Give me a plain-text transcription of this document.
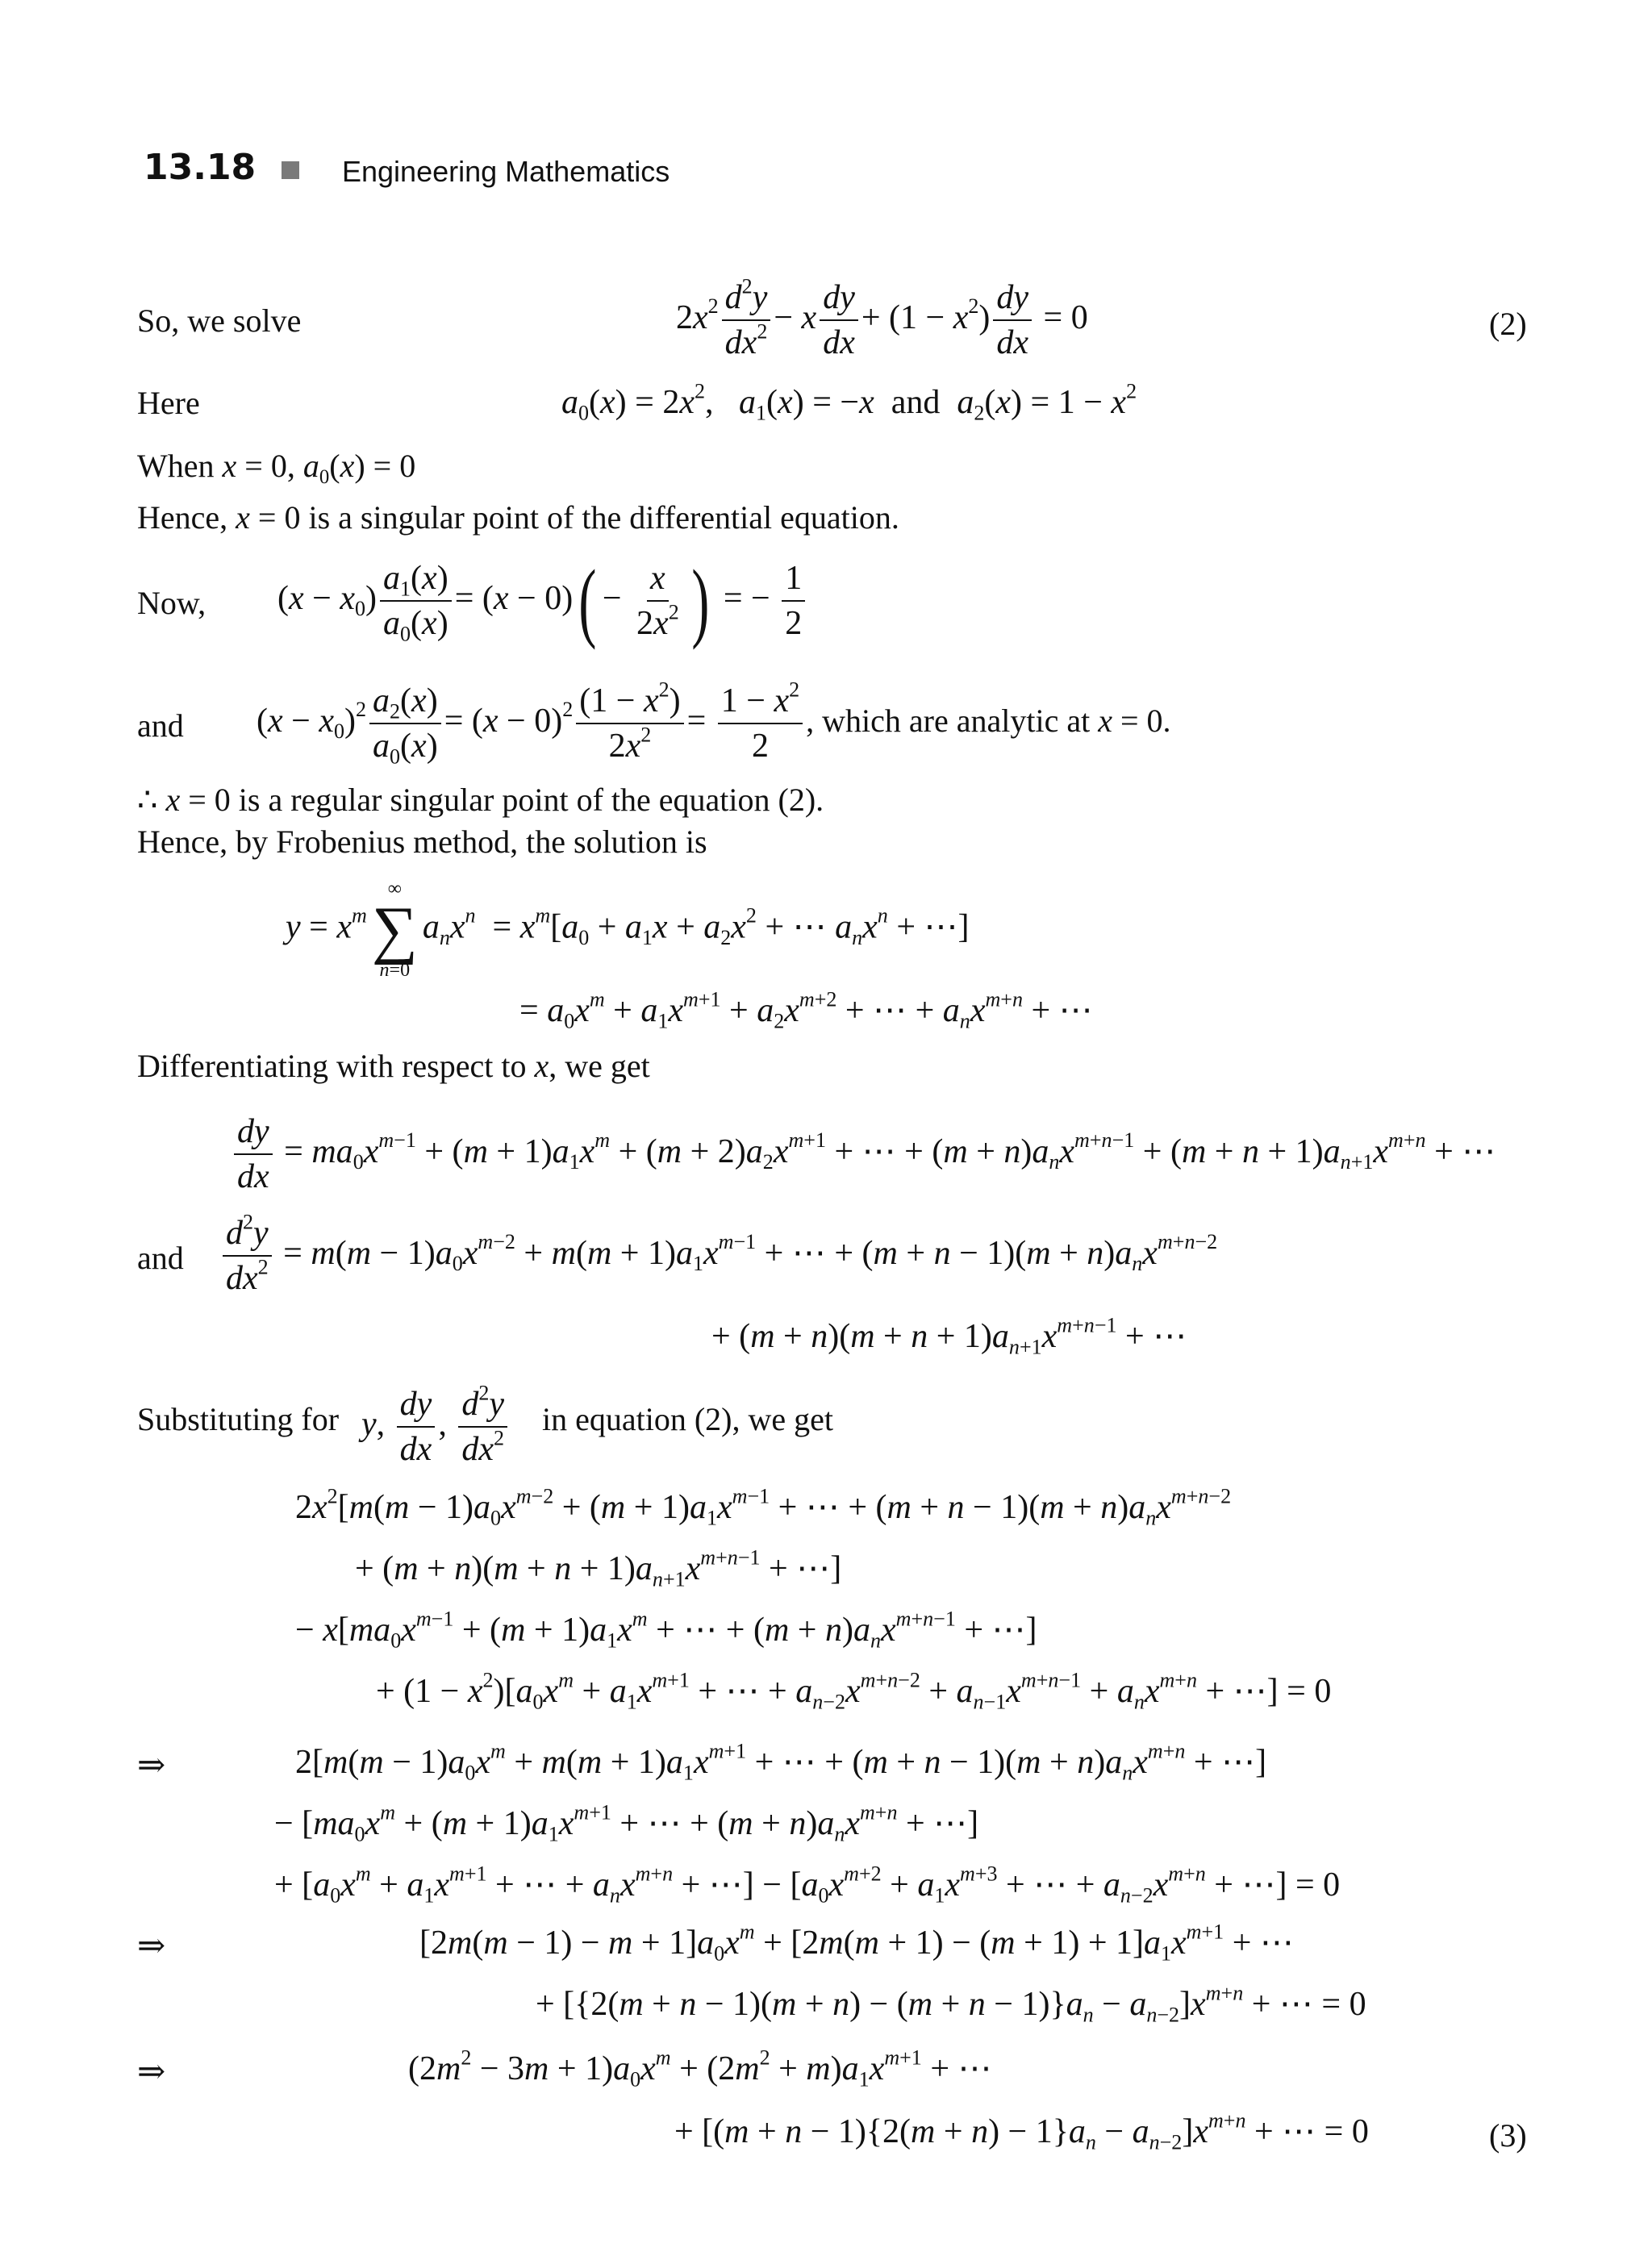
13.18	Engineering Mathematics
So, we solve	$2x^2 \frac{d^2y}{dx^2} - x \frac{dy}{dx} + (1 - x^2) \frac{dy}{dx} = 0$	(2)
Here	$a_0(x) = 2x^2$,   $a_1(x) = -x$  and  $a_2(x) = 1 - x^2$
When x = 0, $a_0(x) = 0$
Hence, x = 0 is a singular point of the differential equation.
Now, $(x - x_0) \frac{a_1(x)}{a_0(x)} = (x - 0)( - \frac{x}{2x^2}$ ) = − $\frac{1}{2}$
and $(x - x_0)^2 \frac{a_2(x)}{a_0(x)} = (x - 0)^2 \frac{(1 - x^2)}{2x^2} = \frac{1 - x^2}{2}$ , which are analytic at x = 0.
∴ x = 0 is a regular singular point of the equation (2).
Hence, by Frobenius method, the solution is
$y = x^m$
∞
∑
n=0
$a_nx^n = x^m[a_0 + a_1x + a_2x^2$ + ⋯ $a_nx^n$ + ⋯]
= $a_0x^m + a_1x^{m+1} + a_2x^{m+2}$ + ⋯ + $a_nx^{m+n}$ + ⋯
Differentiating with respect to x, we get
$\frac{dy}{dx} = ma_0x^{m-1} + (m + 1)a_1x^m + (m + 2)a_2x^{m+1}$ + ⋯ + $(m + n)a_nx^{m+n-1} + (m + n + 1)a_{n+1}x^{m+n}$ + ⋯
and $\frac{d^2y}{dx^2} = m(m - 1)a_0x^{m-2} + m(m + 1)a_1x^{m-1}$ + ⋯ + $(m + n - 1)(m + n)a_nx^{m+n-2}$
+ $(m + n)(m + n + 1)a_{n+1}x^{m+n-1}$ + ⋯
Substituting for y, $\frac{dy}{dx}$ , $\frac{d^2y}{dx^2}$ in equation (2), we get
$2x^2[m(m - 1)a_0x^{m-2} + (m + 1)a_1x^{m-1}$ + ⋯ + $(m + n - 1)(m + n)a_nx^{m+n-2}$
+ $(m + n)(m + n + 1)a_{n+1}x^{m+n-1}$ + ⋯]
− $x[ma_0x^{m-1} + (m + 1)a_1x^m$ + ⋯ + $(m + n)a_nx^{m+n-1}$ + ⋯]
+ $(1 - x^2)[a_0x^m + a_1x^{m+1}$ + ⋯ + $a_{n-2}x^{m+n-2} + a_{n-1}x^{m+n-1} + a_nx^{m+n}$ + ⋯] = 0
⇒	$2[m(m - 1)a_0x^m + m(m + 1)a_1x^{m+1}$ + ⋯ + $(m + n - 1)(m + n)a_nx^{m+n}$ + ⋯]
− [$ma_0x^m + (m + 1)a_1x^{m+1}$ + ⋯ + $(m + n)a_nx^{m+n}$ + ⋯]
+ [$a_0x^m + a_1x^{m+1}$ + ⋯ + $a_nx^{m+n}$ + ⋯] − [$a_0x^{m+2} + a_1x^{m+3}$ + ⋯ + $a_{n-2}x^{m+n}$ + ⋯] = 0
⇒	$[2m(m - 1) - m + 1]a_0x^m + [2m(m + 1) - (m + 1) + 1]a_1x^{m+1}$ + ⋯
+ $[\{2(m + n - 1)(m + n) - (m + n - 1)\}a_n - a_{n-2}]x^{m+n}$ + ⋯ = 0
⇒	$(2m^2 - 3m + 1)a_0x^m + (2m^2 + m)a_1x^{m+1}$ + ⋯
+ $[(m + n - 1)\{2(m + n) - 1\}a_n - a_{n-2}]x^{m+n}$ + ⋯ = 0	(3)
